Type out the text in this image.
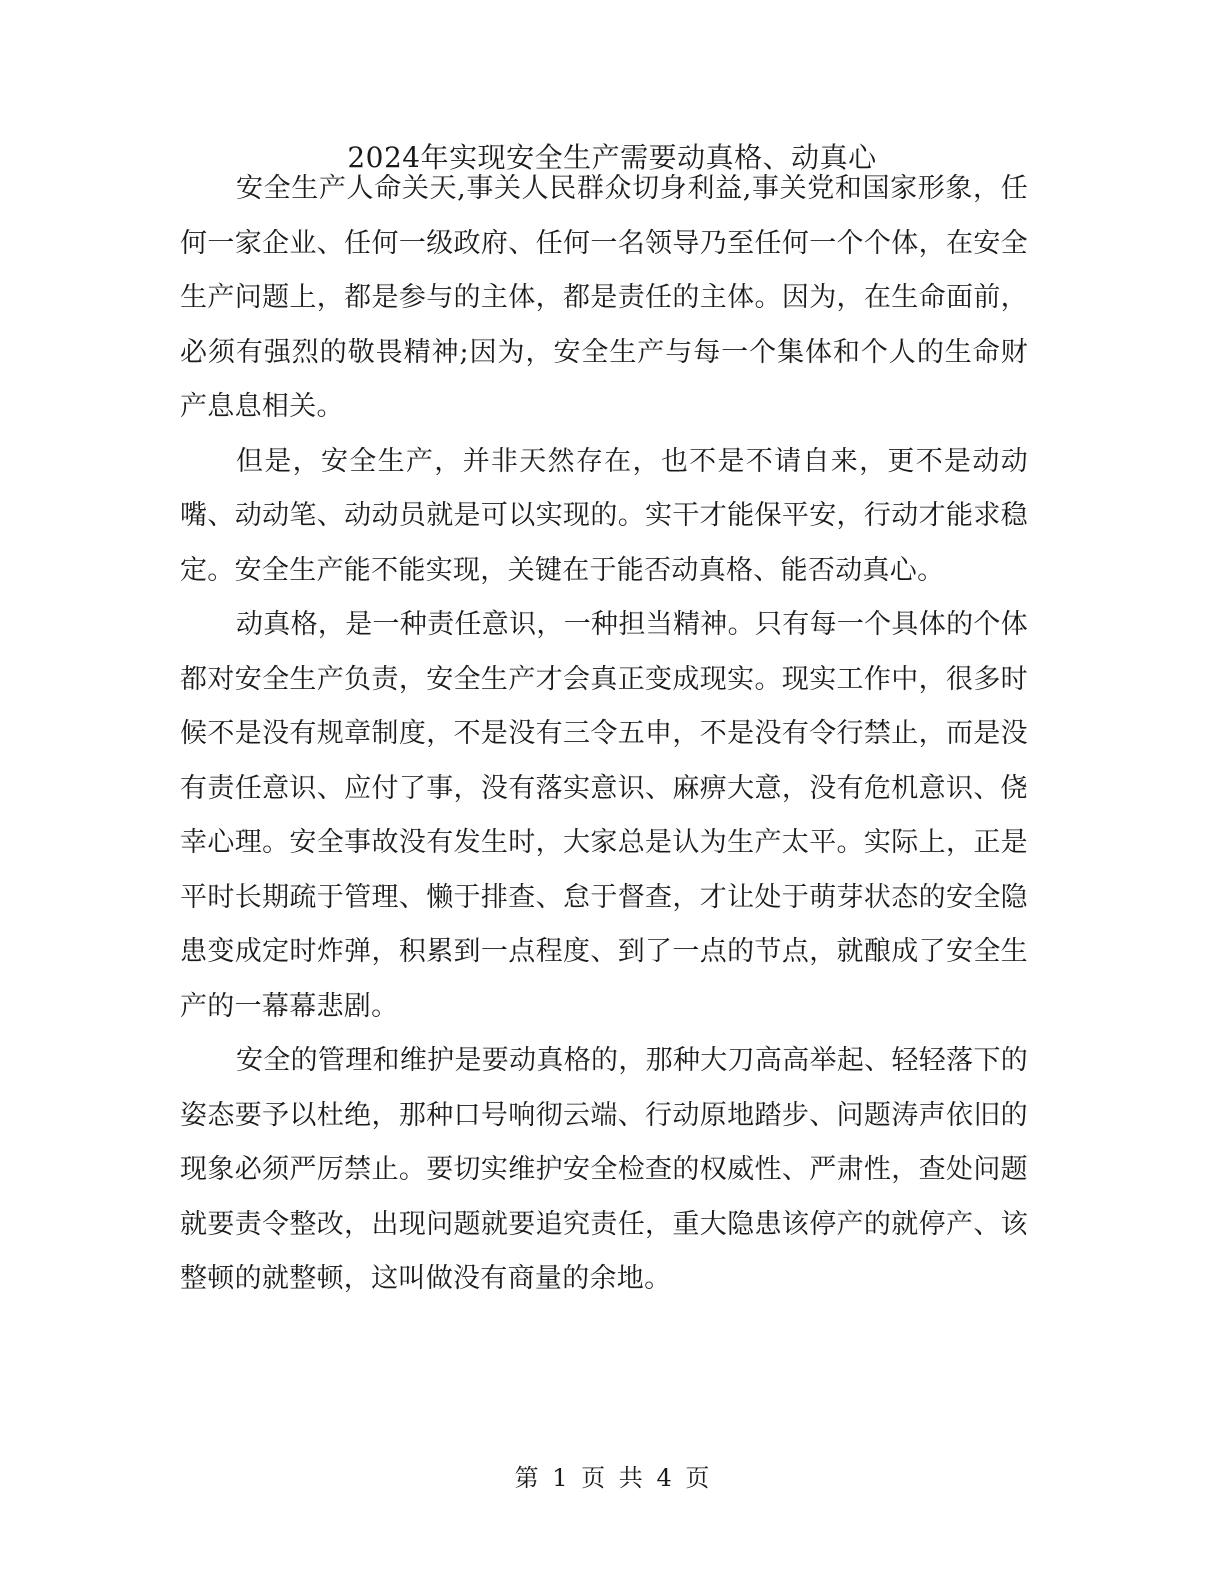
2024年实现安全生产需要动真格、动真心

安全生产人命关天,事关人民群众切身利益,事关党和国家形象，任何一家企业、任何一级政府、任何一名领导乃至任何一个个体，在安全生产问题上，都是参与的主体，都是责任的主体。因为，在生命面前，必须有强烈的敬畏精神;因为，安全生产与每一个集体和个人的生命财产息息相关。

但是，安全生产，并非天然存在，也不是不请自来，更不是动动嘴、动动笔、动动员就是可以实现的。实干才能保平安，行动才能求稳定。安全生产能不能实现，关键在于能否动真格、能否动真心。

动真格，是一种责任意识，一种担当精神。只有每一个具体的个体都对安全生产负责，安全生产才会真正变成现实。现实工作中，很多时候不是没有规章制度，不是没有三令五申，不是没有令行禁止，而是没有责任意识、应付了事，没有落实意识、麻痹大意，没有危机意识、侥幸心理。安全事故没有发生时，大家总是认为生产太平。实际上，正是平时长期疏于管理、懒于排查、怠于督查，才让处于萌芽状态的安全隐患变成定时炸弹，积累到一点程度、到了一点的节点，就酿成了安全生产的一幕幕悲剧。

安全的管理和维护是要动真格的，那种大刀高高举起、轻轻落下的姿态要予以杜绝，那种口号响彻云端、行动原地踏步、问题涛声依旧的现象必须严厉禁止。要切实维护安全检查的权威性、严肃性，查处问题就要责令整改，出现问题就要追究责任，重大隐患该停产的就停产、该整顿的就整顿，这叫做没有商量的余地。

第 1 页 共 4 页
